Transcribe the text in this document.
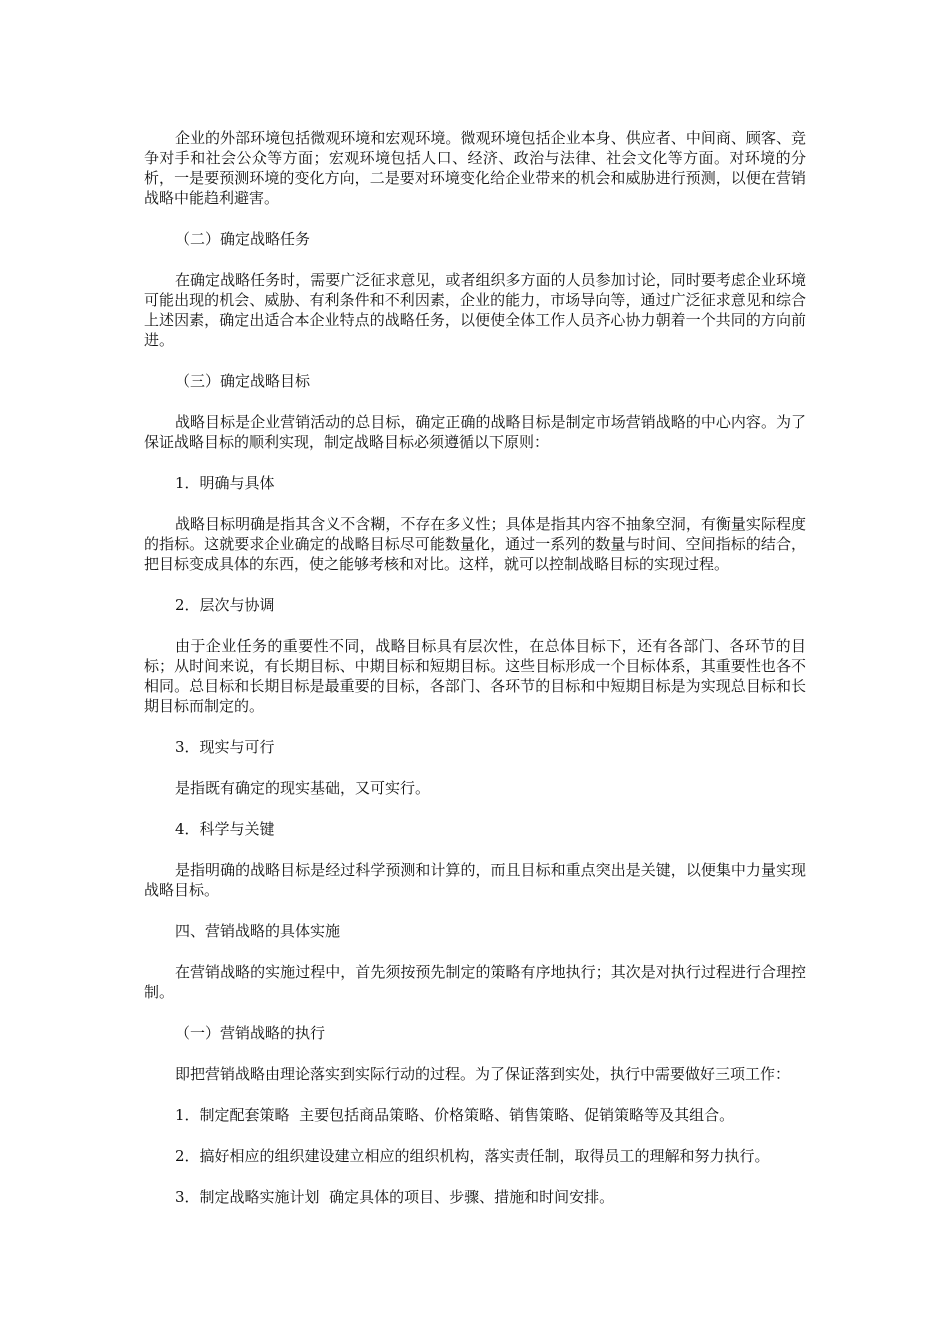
企业的外部环境包括微观环境和宏观环境。微观环境包括企业本身、供应者、中间商、顾客、竞争对手和社会公众等方面；宏观环境包括人口、经济、政治与法律、社会文化等方面。对环境的分析，一是要预测环境的变化方向，二是要对环境变化给企业带来的机会和威胁进行预测，以便在营销战略中能趋利避害。

（二）确定战略任务

在确定战略任务时，需要广泛征求意见，或者组织多方面的人员参加讨论，同时要考虑企业环境可能出现的机会、威胁、有利条件和不利因素，企业的能力，市场导向等，通过广泛征求意见和综合上述因素，确定出适合本企业特点的战略任务，以便使全体工作人员齐心协力朝着一个共同的方向前进。

（三）确定战略目标

战略目标是企业营销活动的总目标，确定正确的战略目标是制定市场营销战略的中心内容。为了保证战略目标的顺利实现，制定战略目标必须遵循以下原则：

1．明确与具体

战略目标明确是指其含义不含糊，不存在多义性；具体是指其内容不抽象空洞，有衡量实际程度的指标。这就要求企业确定的战略目标尽可能数量化，通过一系列的数量与时间、空间指标的结合，把目标变成具体的东西，使之能够考核和对比。这样，就可以控制战略目标的实现过程。

2．层次与协调

由于企业任务的重要性不同，战略目标具有层次性，在总体目标下，还有各部门、各环节的目标；从时间来说，有长期目标、中期目标和短期目标。这些目标形成一个目标体系，其重要性也各不相同。总目标和长期目标是最重要的目标，各部门、各环节的目标和中短期目标是为实现总目标和长期目标而制定的。

3．现实与可行

是指既有确定的现实基础，又可实行。

4．科学与关键

是指明确的战略目标是经过科学预测和计算的，而且目标和重点突出是关键，以便集中力量实现战略目标。

四、营销战略的具体实施

在营销战略的实施过程中，首先须按预先制定的策略有序地执行；其次是对执行过程进行合理控制。

（一）营销战略的执行

即把营销战略由理论落实到实际行动的过程。为了保证落到实处，执行中需要做好三项工作：

1．制定配套策略  主要包括商品策略、价格策略、销售策略、促销策略等及其组合。

2．搞好相应的组织建设建立相应的组织机构，落实责任制，取得员工的理解和努力执行。

3．制定战略实施计划  确定具体的项目、步骤、措施和时间安排。
